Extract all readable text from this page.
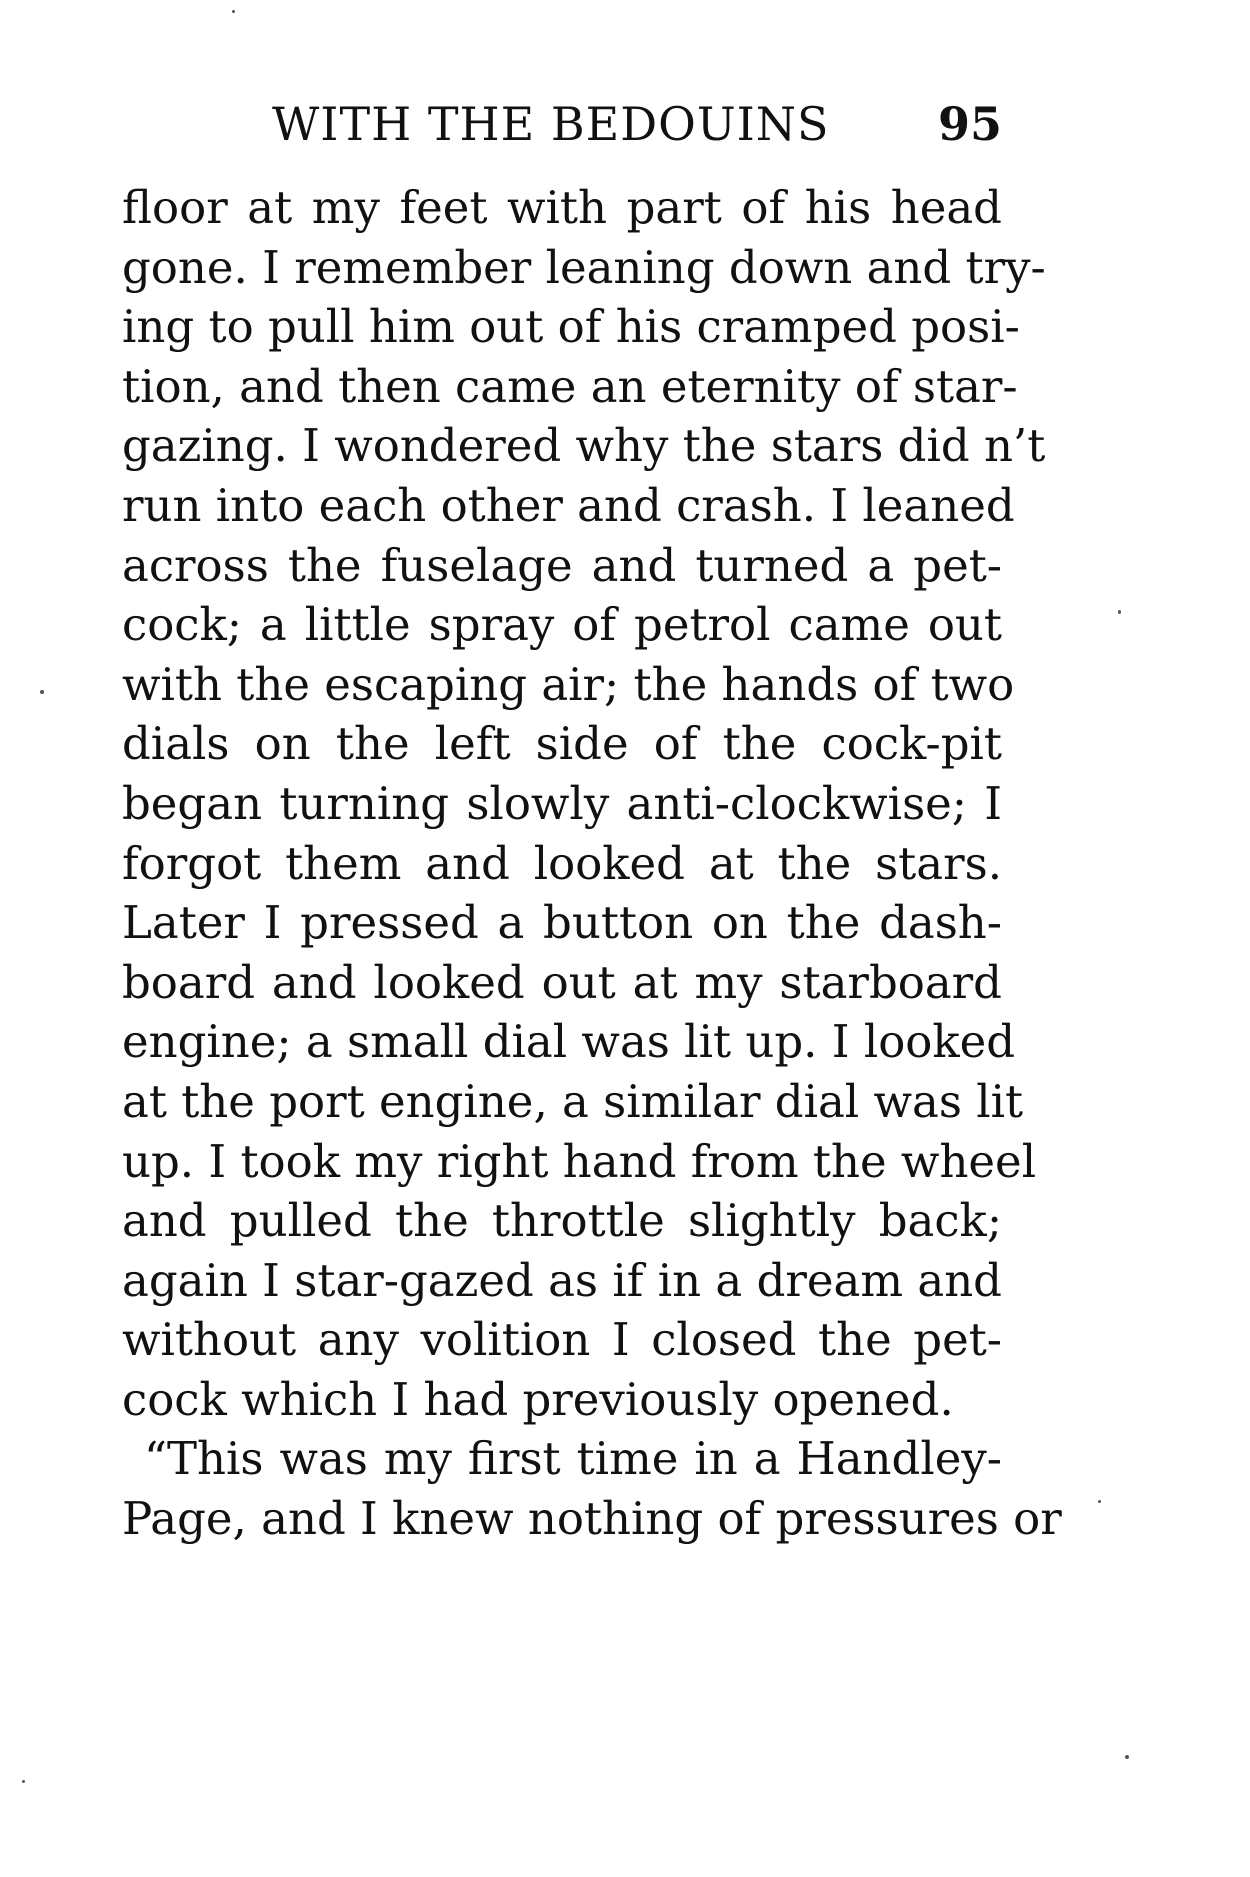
WITH THE BEDOUINS 95
floor at my feet with part of his head
gone. I remember leaning down and try-
ing to pull him out of his cramped posi-
tion, and then came an eternity of star-
gazing. I wondered why the stars did n’t
run into each other and crash. I leaned
across the fuselage and turned a pet-
cock; a little spray of petrol came out
with the escaping air; the hands of two
dials on the left side of the cock-pit
began turning slowly anti-clockwise; I
forgot them and looked at the stars.
Later I pressed a button on the dash-
board and looked out at my starboard
engine; a small dial was lit up. I looked
at the port engine, a similar dial was lit
up. I took my right hand from the wheel
and pulled the throttle slightly back;
again I star-gazed as if in a dream and
without any volition I closed the pet-
cock which I had previously opened.
“This was my first time in a Handley-
Page, and I knew nothing of pressures or
